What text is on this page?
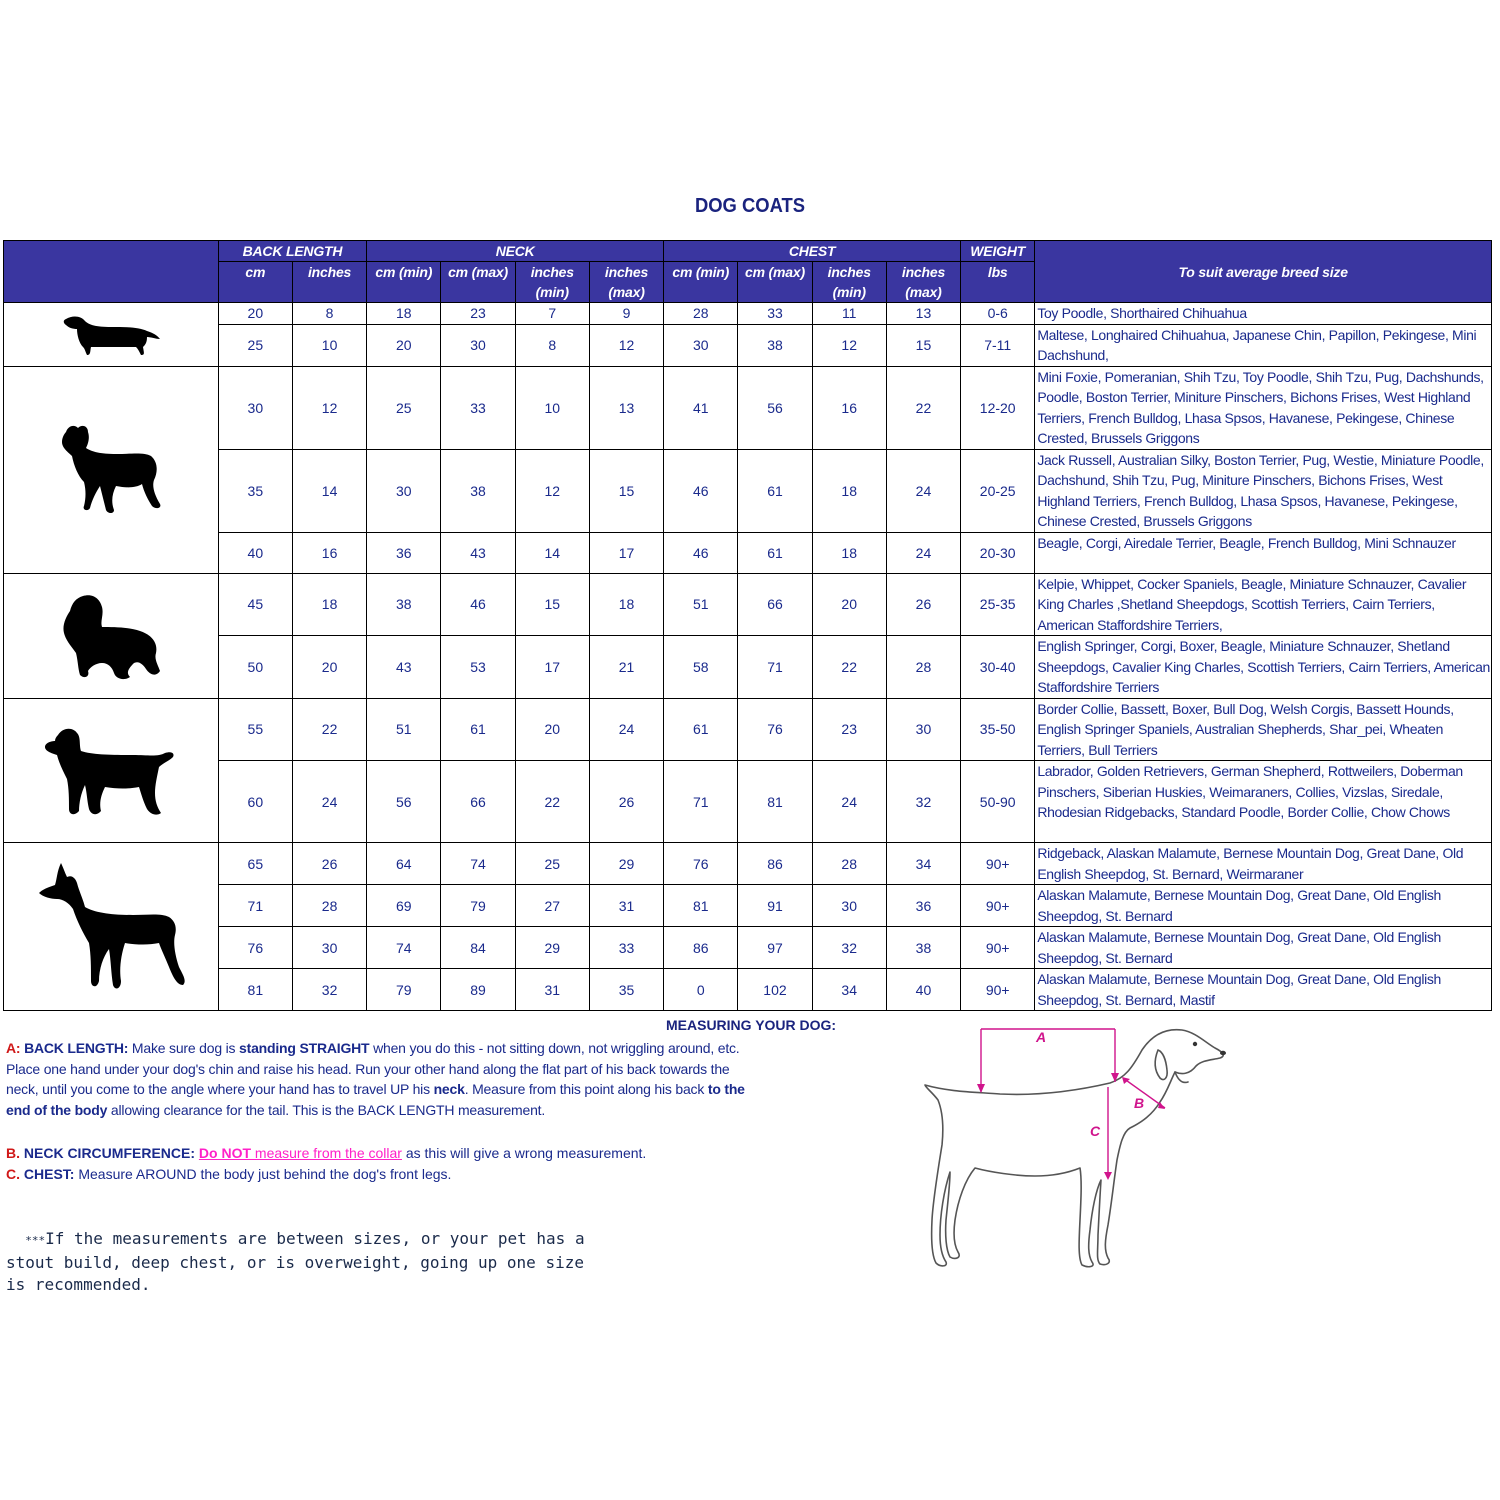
DOG COATS
	BACK LENGTH		NECK				CHEST				WEIGHT	To suit average breed size
	cm	inches	cm (min)	cm (max)	inches (min)	inches (max)	cm (min)	cm (max)	inches (min)	inches (max)	lbs	

	20	8	18	23	7	9	28	33	11	13	0-6	Toy Poodle, Shorthaired Chihuahua
	25	10	20	30	8	12	30	38	12	15	7-11	Maltese, Longhaired Chihuahua, Japanese Chin, Papillon, Pekingese, Mini Dachshund,

	30	12	25	33	10	13	41	56	16	22	12-20	Mini Foxie, Pomeranian, Shih Tzu, Toy Poodle, Shih Tzu, Pug, Dachshunds, Poodle, Boston Terrier, Miniture Pinschers, Bichons Frises, West Highland Terriers, French Bulldog, Lhasa Spsos, Havanese, Pekingese, Chinese Crested, Brussels Griggons
	35	14	30	38	12	15	46	61	18	24	20-25	Jack Russell, Australian Silky, Boston Terrier, Pug, Westie, Miniature Poodle, Dachshund, Shih Tzu, Pug, Miniture Pinschers, Bichons Frises, West Highland Terriers, French Bulldog, Lhasa Spsos, Havanese, Pekingese, Chinese Crested, Brussels Griggons
	40	16	36	43	14	17	46	61	18	24	20-30	Beagle, Corgi, Airedale Terrier, Beagle, French Bulldog, Mini Schnauzer

	45	18	38	46	15	18	51	66	20	26	25-35	Kelpie, Whippet, Cocker Spaniels, Beagle, Miniature Schnauzer, Cavalier King Charles ,Shetland Sheepdogs, Scottish Terriers, Cairn Terriers, American Staffordshire Terriers,
	50	20	43	53	17	21	58	71	22	28	30-40	English Springer, Corgi, Boxer, Beagle, Miniature Schnauzer, Shetland Sheepdogs, Cavalier King Charles, Scottish Terriers, Cairn Terriers, American Staffordshire Terriers

	55	22	51	61	20	24	61	76	23	30	35-50	Border Collie, Bassett, Boxer, Bull Dog, Welsh Corgis, Bassett Hounds, English Springer Spaniels, Australian Shepherds, Shar_pei, Wheaten Terriers, Bull Terriers
	60	24	56	66	22	26	71	81	24	32	50-90	Labrador, Golden Retrievers, German Shepherd, Rottweilers, Doberman Pinschers, Siberian Huskies, Weimaraners, Collies, Vizslas, Siredale, Rhodesian Ridgebacks, Standard Poodle, Border Collie, Chow Chows

	65	26	64	74	25	29	76	86	28	34	90+	Ridgeback, Alaskan Malamute, Bernese Mountain Dog, Great Dane, Old English Sheepdog, St. Bernard, Weirmaraner
	71	28	69	79	27	31	81	91	30	36	90+	Alaskan Malamute, Bernese Mountain Dog, Great Dane, Old English Sheepdog, St. Bernard
	76	30	74	84	29	33	86	97	32	38	90+	Alaskan Malamute, Bernese Mountain Dog, Great Dane, Old English Sheepdog, St. Bernard
	81	32	79	89	31	35	0	102	34	40	90+	Alaskan Malamute, Bernese Mountain Dog, Great Dane, Old English Sheepdog, St. Bernard, Mastif
MEASURING YOUR DOG:
A: BACK LENGTH: Make sure dog is standing STRAIGHT when you do this - not sitting down, not wriggling around, etc. Place one hand under your dog's chin and raise his head. Run your other hand along the flat part of his back towards the neck, until you come to the angle where your hand has to travel UP his neck. Measure from this point along his back to the end of the body allowing clearance for the tail. This is the BACK LENGTH measurement.
B. NECK CIRCUMFERENCE: Do NOT measure from the collar as this will give a wrong measurement.
C. CHEST: Measure AROUND the body just behind the dog's front legs.
***If the measurements are between sizes, or your pet has a stout build, deep chest, or is overweight, going up one size is recommended.
A
B
C
